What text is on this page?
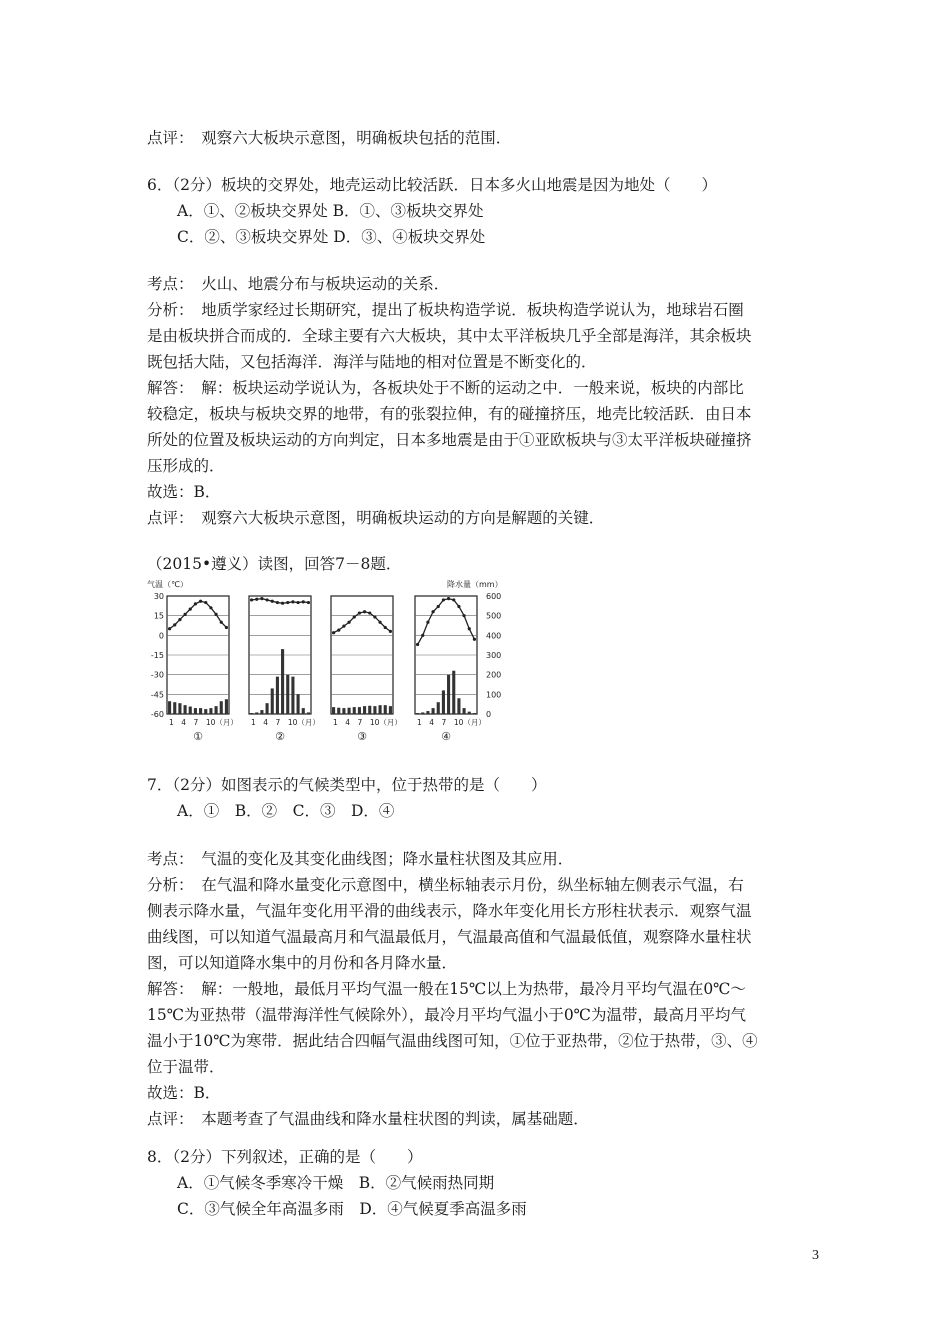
点评：　观察六大板块示意图，明确板块包括的范围．
6．（2分）板块的交界处，地壳运动比较活跃．日本多火山地震是因为地处（　　）
A．①、②板块交界处 B．①、③板块交界处
C．②、③板块交界处 D．③、④板块交界处
考点：　火山、地震分布与板块运动的关系．
分析：　地质学家经过长期研究，提出了板块构造学说．板块构造学说认为，地球岩石圈
是由板块拼合而成的．全球主要有六大板块，其中太平洋板块几乎全部是海洋，其余板块
既包括大陆，又包括海洋．海洋与陆地的相对位置是不断变化的．
解答：　解：板块运动学说认为，各板块处于不断的运动之中．一般来说，板块的内部比
较稳定，板块与板块交界的地带，有的张裂拉伸，有的碰撞挤压，地壳比较活跃．由日本
所处的位置及板块运动的方向判定，日本多地震是由于①亚欧板块与③太平洋板块碰撞挤
压形成的．
故选：B．
点评：　观察六大板块示意图，明确板块运动的方向是解题的关键．
（2015•遵义）读图，回答7－8题．
气温（℃）	降水量（mm）
30
15
0
-15
-30
-45
-60
600
500
400
300
200
100
0
1　4　7　10（月）
①
1　4　7　10（月）
②
1　4　7　10（月）
③
1　4　7　10（月）
④
7．（2分）如图表示的气候类型中，位于热带的是（　　）
A．①　B．②　C．③　D．④
考点：　气温的变化及其变化曲线图；降水量柱状图及其应用．
分析：　在气温和降水量变化示意图中，横坐标轴表示月份，纵坐标轴左侧表示气温，右
侧表示降水量，气温年变化用平滑的曲线表示，降水年变化用长方形柱状表示．观察气温
曲线图，可以知道气温最高月和气温最低月，气温最高值和气温最低值，观察降水量柱状
图，可以知道降水集中的月份和各月降水量．
解答：　解：一般地，最低月平均气温一般在15℃以上为热带，最冷月平均气温在0℃～
15℃为亚热带（温带海洋性气候除外），最冷月平均气温小于0℃为温带，最高月平均气
温小于10℃为寒带．据此结合四幅气温曲线图可知，①位于亚热带，②位于热带，③、④
位于温带．
故选：B．
点评：　本题考查了气温曲线和降水量柱状图的判读，属基础题．
8．（2分）下列叙述，正确的是（　　）
A．①气候冬季寒冷干燥　B．②气候雨热同期
C．③气候全年高温多雨　D．④气候夏季高温多雨
3
